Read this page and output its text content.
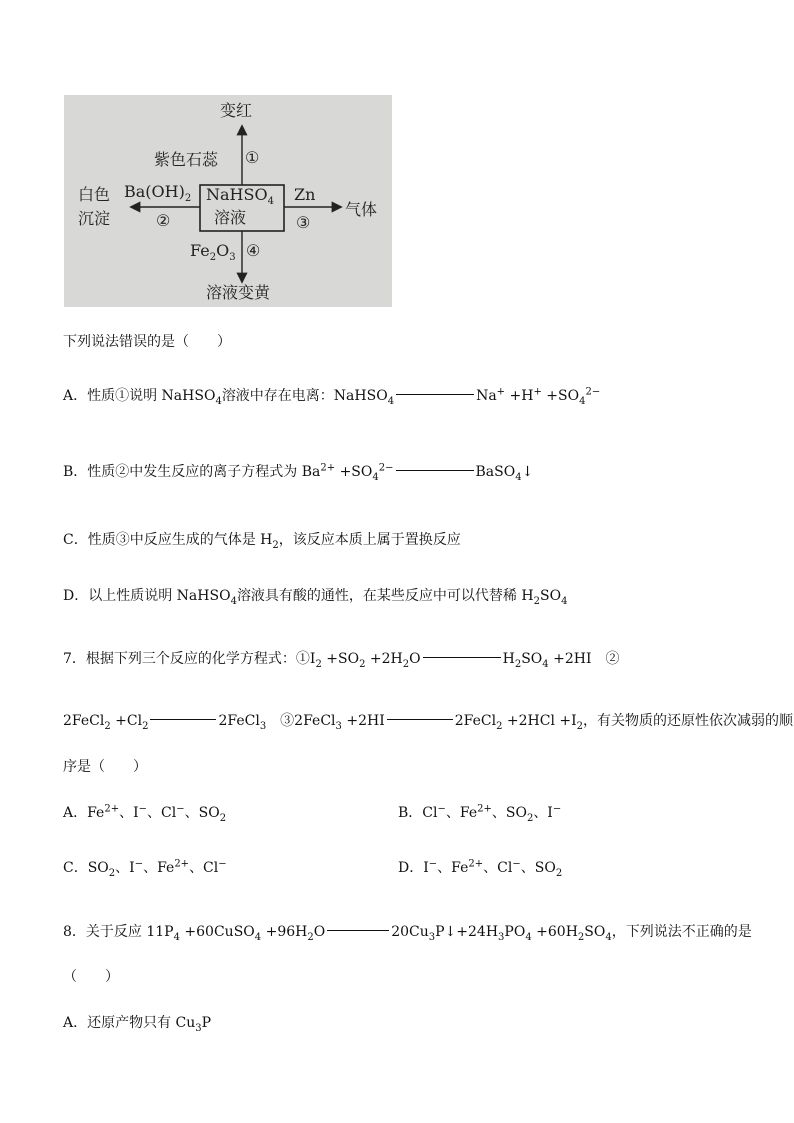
变红
紫色石蕊 ①
$Ba(OH)_2$
白色
沉淀	②
NaHSO$_4$
溶液
Zn
气体
③
$Fe_2O_3$ ④
溶液变黄
下列说法错误的是（　　）
A．性质①说明 NaHSO$_4$溶液中存在电离：NaHSO$_4$	$Na^+ +H^+ +SO_4^{2-}$
B．性质②中发生反应的离子方程式为 $Ba^{2+} +SO_4^{2-}$	BaSO$_4$↓
C．性质③中反应生成的气体是 $H_2$，该反应本质上属于置换反应
D．以上性质说明 NaHSO$_4$溶液具有酸的通性，在某些反应中可以代替稀 $H_2SO_4$
7．根据下列三个反应的化学方程式：$①I_2 +SO_2 +2H_2O$	$H_2SO_4 +2HI$　②
2FeCl$_2$ $+Cl_2$	2FeCl$_3$　③2FeCl$_3$ +2HI	2FeCl$_2$ $+2HCl +I_2$，有关物质的还原性依次减弱的顺
序是（　　）
A．$Fe^{2+}$、I−、Cl−、$SO_2$	B．Cl−、$Fe^{2+}$、$SO_2$、I−
C．$SO_2$、I−、$Fe^{2+}$、Cl−	D．I−、$Fe^{2+}$、Cl−、$SO_2$
8．关于反应 $11P_4$ +60CuSO$_4$ $+96H_2O$	$20Cu_3P↓+24H_3PO_4 +60H_2SO_4$，下列说法不正确的是
（　　）
A．还原产物只有 $Cu_3P$
